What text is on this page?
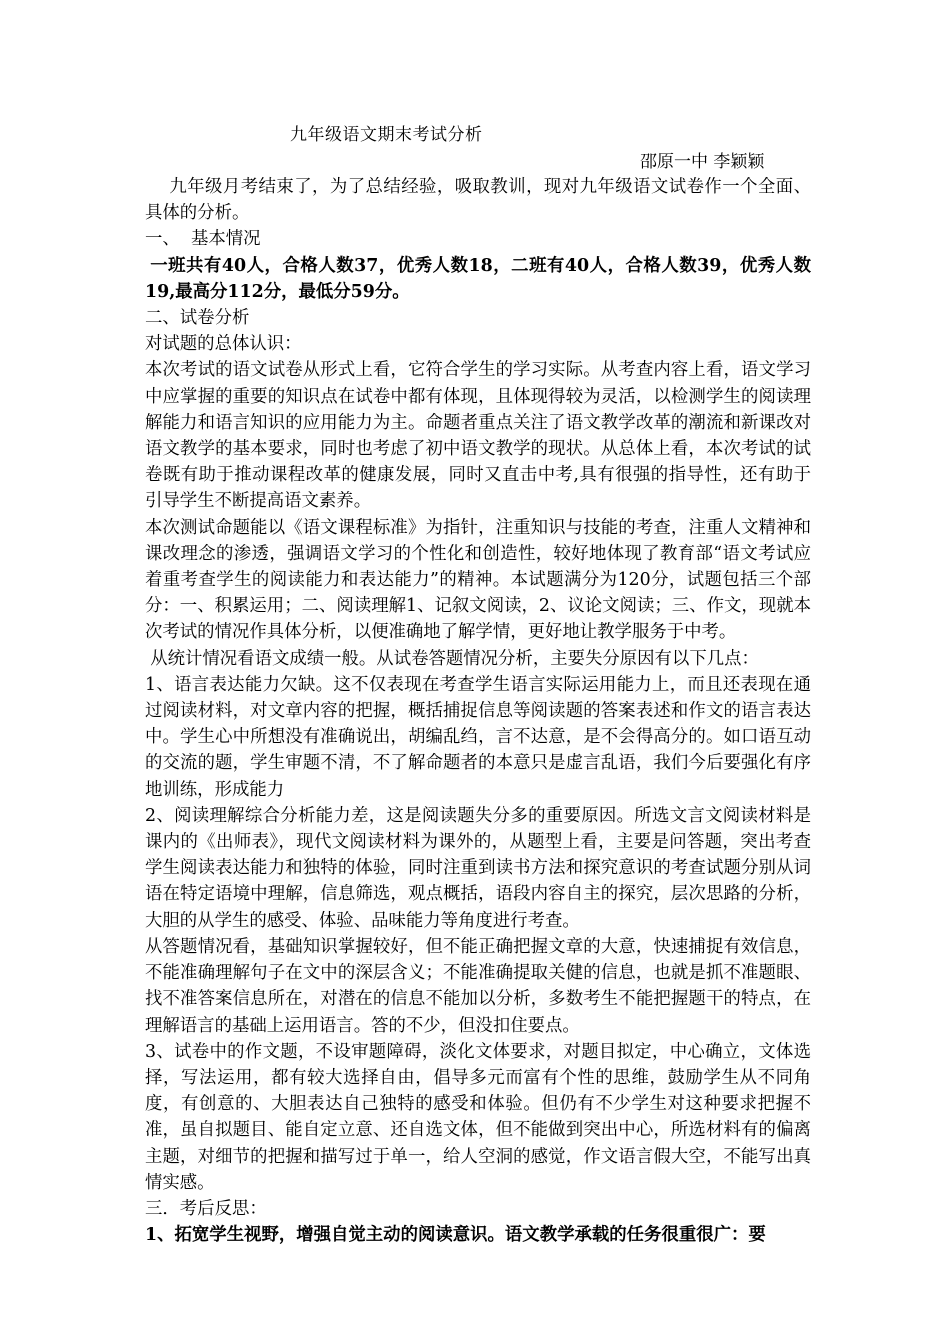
九年级语文期末考试分析

邵原一中 李颖颖

九年级月考结束了，为了总结经验，吸取教训，现对九年级语文试卷作一个全面、具体的分析。

一、 基本情况

一班共有40人，合格人数37，优秀人数18，二班有40人，合格人数39，优秀人数19,最高分112分，最低分59分。

二、试卷分析

对试题的总体认识：

本次考试的语文试卷从形式上看，它符合学生的学习实际。从考查内容上看，语文学习中应掌握的重要的知识点在试卷中都有体现，且体现得较为灵活，以检测学生的阅读理解能力和语言知识的应用能力为主。命题者重点关注了语文教学改革的潮流和新课改对语文教学的基本要求，同时也考虑了初中语文教学的现状。从总体上看，本次考试的试卷既有助于推动课程改革的健康发展，同时又直击中考,具有很强的指导性，还有助于引导学生不断提高语文素养。

本次测试命题能以《语文课程标准》为指针，注重知识与技能的考查，注重人文精神和课改理念的渗透，强调语文学习的个性化和创造性，较好地体现了教育部“语文考试应着重考查学生的阅读能力和表达能力”的精神。本试题满分为120分，试题包括三个部分：一、积累运用；二、阅读理解1、记叙文阅读，2、议论文阅读；三、作文，现就本次考试的情况作具体分析，以便准确地了解学情，更好地让教学服务于中考。

从统计情况看语文成绩一般。从试卷答题情况分析，主要失分原因有以下几点：

1、语言表达能力欠缺。这不仅表现在考查学生语言实际运用能力上，而且还表现在通过阅读材料，对文章内容的把握，概括捕捉信息等阅读题的答案表述和作文的语言表达中。学生心中所想没有准确说出，胡编乱绉，言不达意，是不会得高分的。如口语互动的交流的题，学生审题不清，不了解命题者的本意只是虚言乱语，我们今后要强化有序地训练，形成能力

2、阅读理解综合分析能力差，这是阅读题失分多的重要原因。所选文言文阅读材料是课内的《出师表》，现代文阅读材料为课外的，从题型上看，主要是问答题，突出考查学生阅读表达能力和独特的体验，同时注重到读书方法和探究意识的考查试题分别从词语在特定语境中理解，信息筛选，观点概括，语段内容自主的探究，层次思路的分析，大胆的从学生的感受、体验、品味能力等角度进行考查。

从答题情况看，基础知识掌握较好，但不能正确把握文章的大意，快速捕捉有效信息，不能准确理解句子在文中的深层含义；不能准确提取关健的信息，也就是抓不准题眼、找不准答案信息所在，对潜在的信息不能加以分析，多数考生不能把握题干的特点，在理解语言的基础上运用语言。答的不少，但没扣住要点。

3、试卷中的作文题，不设审题障碍，淡化文体要求，对题目拟定，中心确立，文体选择，写法运用，都有较大选择自由，倡导多元而富有个性的思维，鼓励学生从不同角度，有创意的、大胆表达自己独特的感受和体验。但仍有不少学生对这种要求把握不准，虽自拟题目、能自定立意、还自选文体，但不能做到突出中心，所选材料有的偏离主题，对细节的把握和描写过于单一，给人空洞的感觉，作文语言假大空，不能写出真情实感。

三．考后反思：

1、拓宽学生视野，增强自觉主动的阅读意识。语文教学承载的任务很重很广：要
